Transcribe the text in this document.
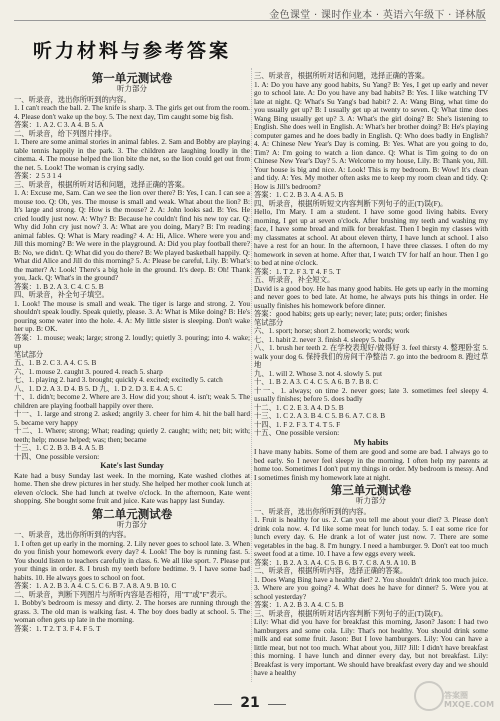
金色课堂 · 课时作业本 · 英语六年级下 · 译林版
听力材料与参考答案
第一单元测试卷
听力部分

一、听录音，选出你所听到的内容。

1. I can't reach the ball. 2. The knife is sharp. 3. The girls get out from the room. 4. Please don't wake up the boy. 5. The next day, Tim caught some big fish.

答案：1. A 2. C 3. A 4. B 5. A

二、听录音，给下列图片排序。

1. There are some animal stories in animal fables. 2. Sam and Bobby are playing table tennis happily in the park. 3. The children are laughing loudly in the cinema. 4. The mouse helped the lion bite the net, so the lion could get out from the net. 5. Look! The woman is crying sadly.

答案：2 5 3 1 4

三、听录音，根据所听对话和问题，选择正确的答案。

1. A: Excuse me, Sam. Can we see the lion over there? B: Yes, I can. I can see a mouse too. Q: Oh, yes. The mouse is small and weak. What about the lion? B: It's large and strong. Q: How is the mouse? 2. A: John looks sad. B: Yes. He cried loudly just now. A: Why? B: Because he couldn't find his new toy car. Q: Why did John cry just now? 3. A: What are you doing, Mary? B: I'm reading animal fables. Q: What is Mary reading? 4. A: Hi, Alice. Where were you and Jill this morning? B: We were in the playground. A: Did you play football there? B: No, we didn't. Q: What did you do there? B: We played basketball happily. Q: What did Alice and Jill do this morning? 5. A: Please be careful, Lily. B: What's the matter? A: Look! There's a big hole in the ground. It's deep. B: Oh! Thank you, Jack. Q: What's in the ground?

答案：1. B 2. A 3. C 4. C 5. B

四、听录音，补全句子填空。

1. Look! The mouse is small and weak. The tiger is large and strong. 2. You shouldn't speak loudly. Speak quietly, please. 3. A: What is Mike doing? B: He's pouring some water into the hole. 4. A: My little sister is sleeping. Don't wake her up. B: OK.

答案：1. mouse; weak; large; strong 2. loudly; quietly 3. pouring; into 4. wake; up

笔试部分

五、1. B 2. C 3. A 4. C 5. B

六、1. mouse 2. caught 3. poured 4. reach 5. sharp

七、1. playing 2. hard 3. brought; quickly 4. excited; excitedly 5. catch

八、1. D 2. A 3. D 4. B 5. D 九、1. D 2. D 3. E 4. A 5. C

十、1. didn't; become 2. Where are 3. How did you; shout 4. isn't; weak 5. The children are playing football happily over there.

十一、1. large and strong 2. asked; angrily 3. cheer for him 4. hit the ball hard 5. became very happy

十二、1. Where; strong; What; reading; quietly 2. caught; with; net; bit; with; teeth; help; mouse helped; was; then; became

十三、1. C 2. B 3. B 4. A 5. B

十四、One possible version:

Kate's last Sunday

Kate had a busy Sunday last week. In the morning, Kate washed clothes at home. Then she drew pictures in her study. She helped her mother cook lunch at eleven o'clock. She had lunch at twelve o'clock. In the afternoon, Kate went shopping. She bought some fruit and juice. Kate was happy last Sunday.

第二单元测试卷
听力部分

一、听录音，选出你所听到的内容。

1. I often get up early in the morning. 2. Lily never goes to school late. 3. When do you finish your homework every day? 4. Look! The boy is running fast. 5. You should listen to teachers carefully in class. 6. We all like sport. 7. Please put your things in order. 8. I brush my teeth before bedtime. 9. I have some bad habits. 10. He always goes to school on foot.

答案：1. A 2. B 3. A 4. C 5. C 6. B 7. A 8. A 9. B 10. C

二、听录音，判断下列图片与所听内容是否相符，用"T"或"F"表示。

1. Bobby's bedroom is messy and dirty. 2. The horses are running through the grass. 3. The old man is walking fast. 4. The boy does badly at school. 5. The woman often gets up late in the morning.

答案：1. T 2. T 3. F 4. F 5. T

三、听录音，根据所听对话和问题，选择正确的答案。

1. A: Do you have any good habits, Su Yang? B: Yes, I get up early and never go to school late. A: Do you have any bad habits? B: Yes. I like watching TV late at night. Q: What's Su Yang's bad habit? 2. A: Wang Bing, what time do you usually get up? B: I usually get up at twenty to seven. Q: What time does Wang Bing usually get up? 3. A: What's the girl doing? B: She's listening to English. She does well in English. A: What's her brother doing? B: He's playing computer games and he does badly in English. Q: Who does badly in English? 4. A: Chinese New Year's Day is coming. B: Yes. What are you going to do, Tim? A: I'm going to watch a lion dance. Q: What is Tim going to do on Chinese New Year's Day? 5. A: Welcome to my house, Lily. B: Thank you, Jill. Your house is big and nice. A: Look! This is my bedroom. B: Wow! It's clean and tidy. A: Yes. My mother often asks me to keep my room clean and tidy. Q: How is Jill's bedroom?

答案：1. C 2. B 3. A 4. A 5. B

四、听录音，根据所听短文内容判断下列句子的正(T)误(F)。

Hello, I'm Mary. I am a student. I have some good living habits. Every morning, I get up at seven o'clock. After brushing my teeth and washing my face, I have some bread and milk for breakfast. Then I begin my classes with my classmates at school. At about eleven thirty, I have lunch at school. I also have a rest for an hour. In the afternoon, I have three classes. I often do my homework in seven at home. After that, I watch TV for half an hour. Then I go to bed at nine o'clock.

答案：1. T 2. F 3. T 4. F 5. T

五、听录音，补全短文。

David is a good boy. He has many good habits. He gets up early in the morning and never goes to bed late. At home, he always puts his things in order. He usually finishes his homework before dinner.

答案：good habits; gets up early; never; late; puts; order; finishes

笔试部分

六、1. sport; horse; short 2. homework; words; work

七、1. habit 2. never 3. finish 4. sleepy 5. badly

八、1. brush her teeth 2. 在学校表现好/做得好 3. feel thirsty 4. 整理卧室 5. walk your dog 6. 保持我们的房间干净整洁 7. go into the bedroom 8. 跑过草地

九、1. will 2. Whose 3. not 4. slowly 5. put

十、1. B 2. A 3. C 4. C 5. A 6. B 7. B 8. C

十一、1. always; on time 2. never goes; late 3. sometimes feel sleepy 4. usually finishes; before 5. does badly

十二、1. C 2. E 3. A 4. D 5. B

十三、1. C 2. A 3. B 4. C 5. B 6. A 7. C 8. B

十四、1. F 2. F 3. T 4. T 5. F

十五、One possible version:

My habits

I have many habits. Some of them are good and some are bad. I always go to bed early. So I never feel sleepy in the morning. I often help my parents at home too. Sometimes I don't put my things in order. My bedroom is messy. And I sometimes finish my homework late at night.

第三单元测试卷
听力部分

一、听录音，选出你所听到的内容。

1. Fruit is healthy for us. 2. Can you tell me about your diet? 3. Please don't drink cola now. 4. I'd like some meat for lunch today. 5. I eat some rice for lunch every day. 6. He drank a lot of water just now. 7. There are some vegetables in the bag. 8. I'm hungry. I need a hamburger. 9. Don't eat too much sweet food at a time. 10. I have a few eggs every week.

答案：1. B 2. A 3. A 4. C 5. B 6. B 7. C 8. A 9. A 10. B

二、听录音，根据所听内容，选择正确的答案。

1. Does Wang Bing have a healthy diet? 2. You shouldn't drink too much juice. 3. Where are you going? 4. What does he have for dinner? 5. Were you at school yesterday?

答案：1. A 2. B 3. A 4. C 5. B

三、听录音，根据所听对话内容判断下列句子的正(T)误(F)。

Lily: What did you have for breakfast this morning, Jason? Jason: I had two hamburgers and some cola. Lily: That's not healthy. You should drink some milk and eat some fruit. Jason: But I love hamburgers. Lily: You can have a little meat, but not too much. What about you, Jill? Jill: I didn't have breakfast this morning. I have lunch and dinner every day, but not breakfast. Lily: Breakfast is very important. We should have breakfast every day and we should have a healthy

21	答案圈
MXQE.COM
